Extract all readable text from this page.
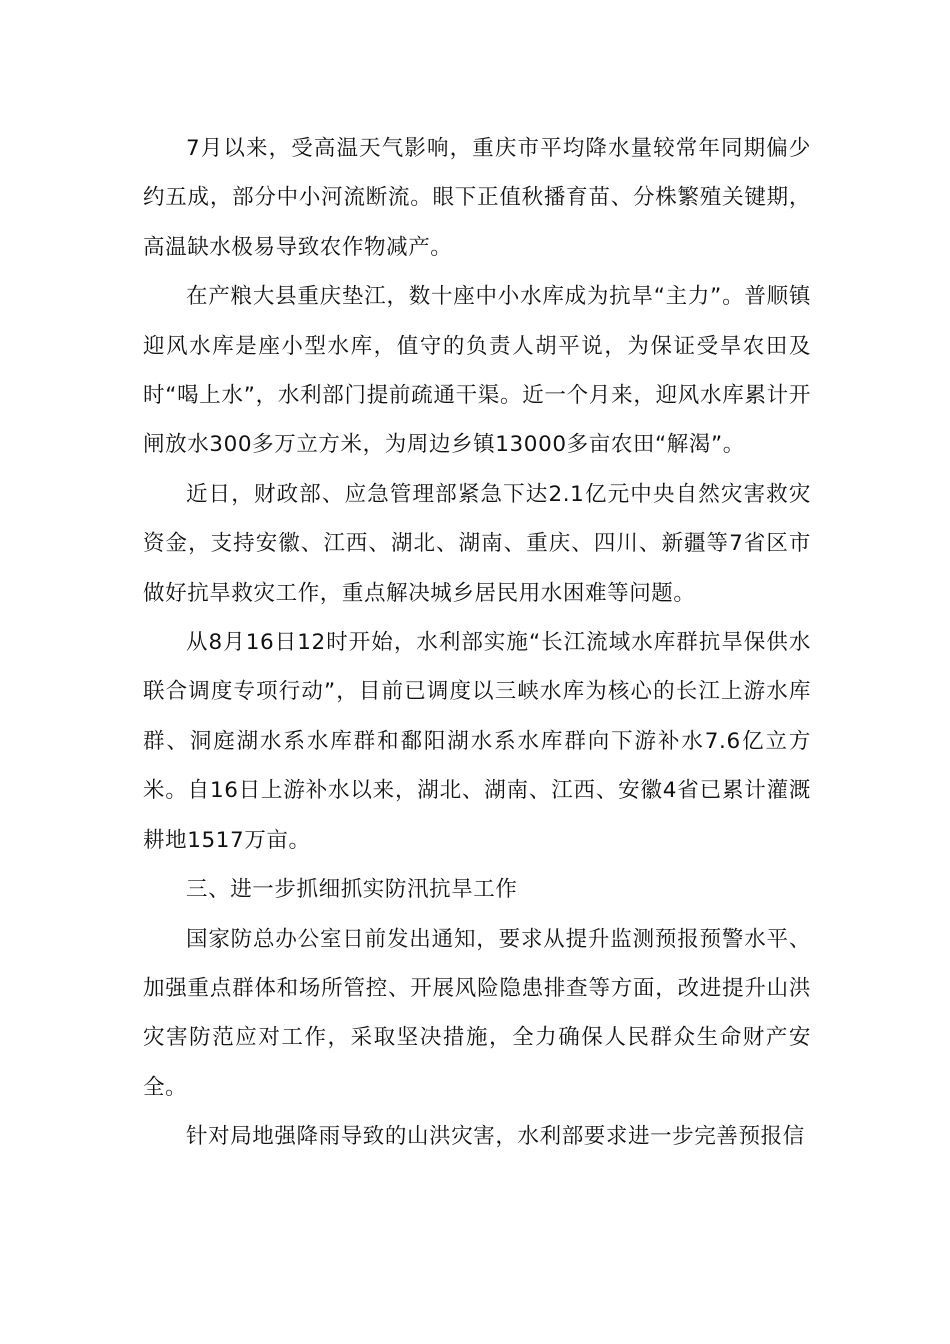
7月以来，受高温天气影响，重庆市平均降水量较常年同期偏少约五成，部分中小河流断流。眼下正值秋播育苗、分株繁殖关键期，高温缺水极易导致农作物减产。

在产粮大县重庆垫江，数十座中小水库成为抗旱“主力”。普顺镇迎风水库是座小型水库，值守的负责人胡平说，为保证受旱农田及时“喝上水”，水利部门提前疏通干渠。近一个月来，迎风水库累计开闸放水300多万立方米，为周边乡镇13000多亩农田“解渴”。

近日，财政部、应急管理部紧急下达2.1亿元中央自然灾害救灾资金，支持安徽、江西、湖北、湖南、重庆、四川、新疆等7省区市做好抗旱救灾工作，重点解决城乡居民用水困难等问题。

从8月16日12时开始，水利部实施“长江流域水库群抗旱保供水联合调度专项行动”，目前已调度以三峡水库为核心的长江上游水库群、洞庭湖水系水库群和鄱阳湖水系水库群向下游补水7.6亿立方米。自16日上游补水以来，湖北、湖南、江西、安徽4省已累计灌溉耕地1517万亩。

三、进一步抓细抓实防汛抗旱工作

国家防总办公室日前发出通知，要求从提升监测预报预警水平、加强重点群体和场所管控、开展风险隐患排查等方面，改进提升山洪灾害防范应对工作，采取坚决措施，全力确保人民群众生命财产安全。

针对局地强降雨导致的山洪灾害，水利部要求进一步完善预报信
